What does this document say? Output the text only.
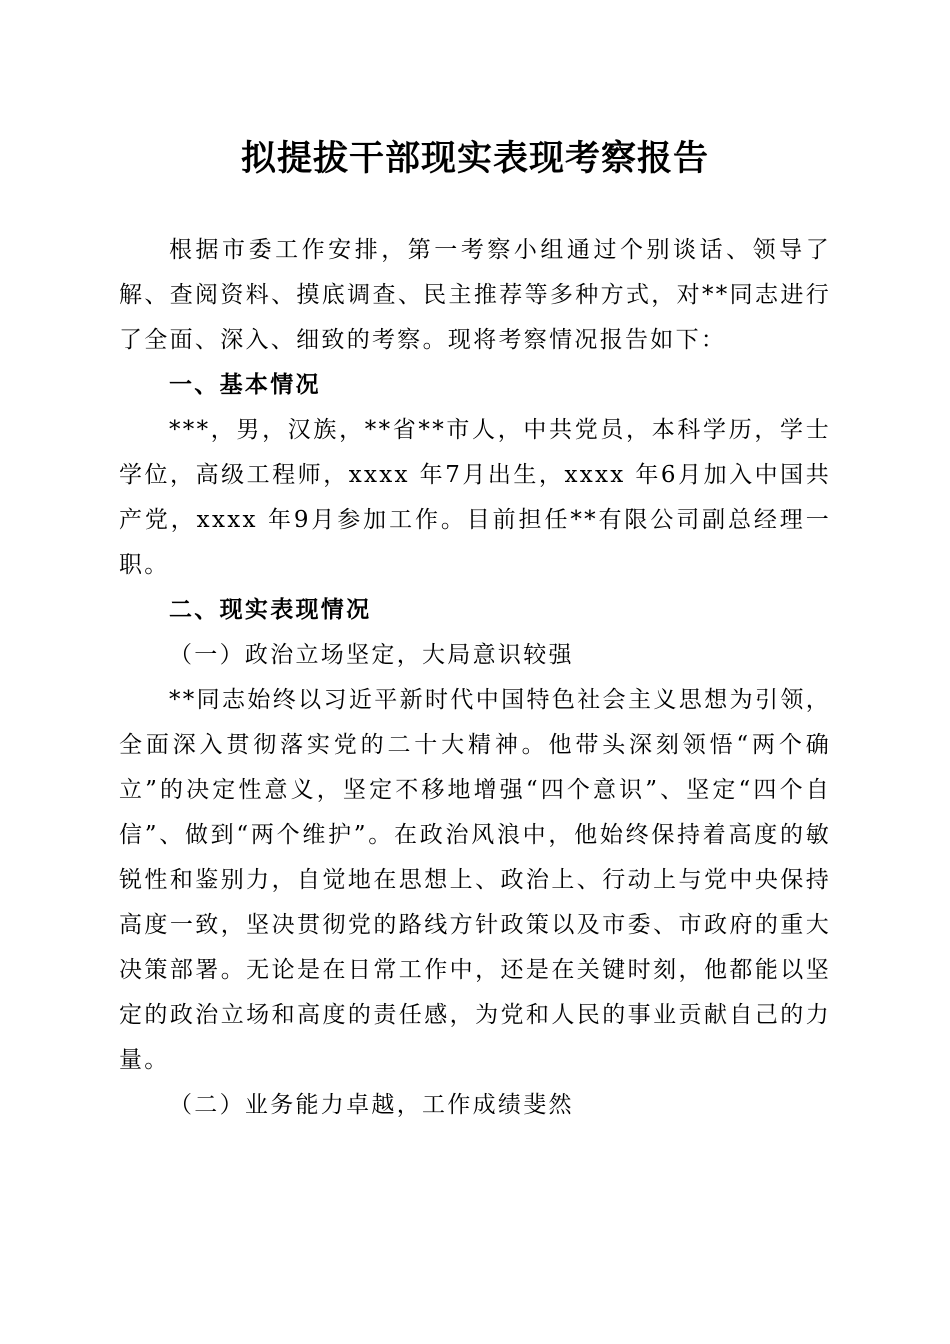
拟提拔干部现实表现考察报告

根据市委工作安排，第一考察小组通过个别谈话、领导了解、查阅资料、摸底调查、民主推荐等多种方式，对**同志进行了全面、深入、细致的考察。现将考察情况报告如下：

一、基本情况

***，男，汉族，**省**市人，中共党员，本科学历，学士学位，高级工程师，xxxx 年7月出生，xxxx 年6月加入中国共产党，xxxx 年9月参加工作。目前担任**有限公司副总经理一职。

二、现实表现情况

（一）政治立场坚定，大局意识较强

**同志始终以习近平新时代中国特色社会主义思想为引领，全面深入贯彻落实党的二十大精神。他带头深刻领悟“两个确立”的决定性意义，坚定不移地增强“四个意识”、坚定“四个自信”、做到“两个维护”。在政治风浪中，他始终保持着高度的敏锐性和鉴别力，自觉地在思想上、政治上、行动上与党中央保持高度一致，坚决贯彻党的路线方针政策以及市委、市政府的重大决策部署。无论是在日常工作中，还是在关键时刻，他都能以坚定的政治立场和高度的责任感，为党和人民的事业贡献自己的力量。

（二）业务能力卓越，工作成绩斐然
